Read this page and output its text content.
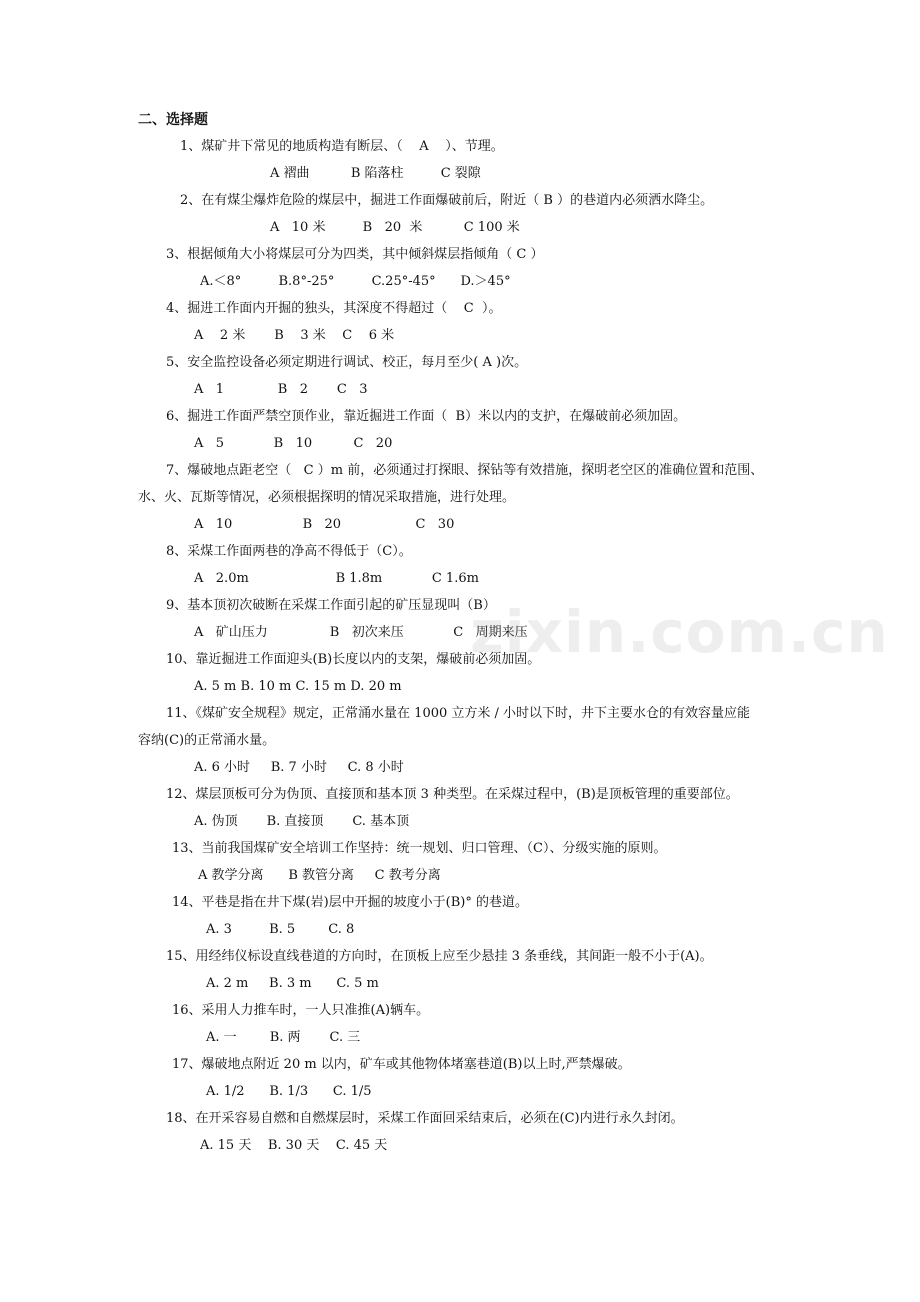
二、选择题
1、煤矿井下常见的地质构造有断层、（    A    ）、节理。
A 褶曲          B 陷落柱         C 裂隙
2、在有煤尘爆炸危险的煤层中，掘进工作面爆破前后，附近（ B ）的巷道内必须洒水降尘。
A   10 米         B   20  米          C 100 米
3、根据倾角大小将煤层可分为四类，其中倾斜煤层指倾角（ C ）
A.＜8°         B.8°-25°         C.25°-45°      D.＞45°
4、掘进工作面内开掘的独头，其深度不得超过（    C  ）。
A    2 米       B    3 米    C    6 米
5、安全监控设备必须定期进行调试、校正，每月至少( A )次。
A   1             B   2       C   3
6、掘进工作面严禁空顶作业，靠近掘进工作面（  B）米以内的支护，在爆破前必须加固。
A   5            B   10          C   20
7、爆破地点距老空（   C ）m 前，必须通过打探眼、探钻等有效措施，探明老空区的准确位置和范围、
水、火、瓦斯等情况，必须根据探明的情况采取措施，进行处理。
A   10                 B   20                  C   30
8、采煤工作面两巷的净高不得低于（C）。
A   2.0m                     B 1.8m            C 1.6m
9、基本顶初次破断在采煤工作面引起的矿压显现叫（B）
A   矿山压力               B   初次来压            C   周期来压
10、靠近掘进工作面迎头(B)长度以内的支架，爆破前必须加固。
A. 5 m B. 10 m C. 15 m D. 20 m
11、《煤矿安全规程》规定，正常涌水量在 1000 立方米 / 小时以下时，井下主要水仓的有效容量应能
容纳(C)的正常涌水量。
A. 6 小时     B. 7 小时     C. 8 小时
12、煤层顶板可分为伪顶、直接顶和基本顶 3 种类型。在采煤过程中，(B)是顶板管理的重要部位。
A. 伪顶       B. 直接顶       C. 基本顶
13、当前我国煤矿安全培训工作坚持：统一规划、归口管理、（C）、分级实施的原则。
A 教学分离      B 教管分离     C 教考分离
14、平巷是指在井下煤(岩)层中开掘的坡度小于(B)° 的巷道。
A. 3         B. 5        C. 8
15、用经纬仪标设直线巷道的方向时，在顶板上应至少悬挂 3 条垂线，其间距一般不小于(A)。
A. 2 m     B. 3 m      C. 5 m
16、采用人力推车时，一人只准推(A)辆车。
A. 一        B. 两       C. 三
17、爆破地点附近 20 m 以内，矿车或其他物体堵塞巷道(B)以上时,严禁爆破。
A. 1/2      B. 1/3      C. 1/5
18、在开采容易自燃和自燃煤层时，采煤工作面回采结束后，必须在(C)内进行永久封闭。
A. 15 天    B. 30 天    C. 45 天
zixin.com.cn
